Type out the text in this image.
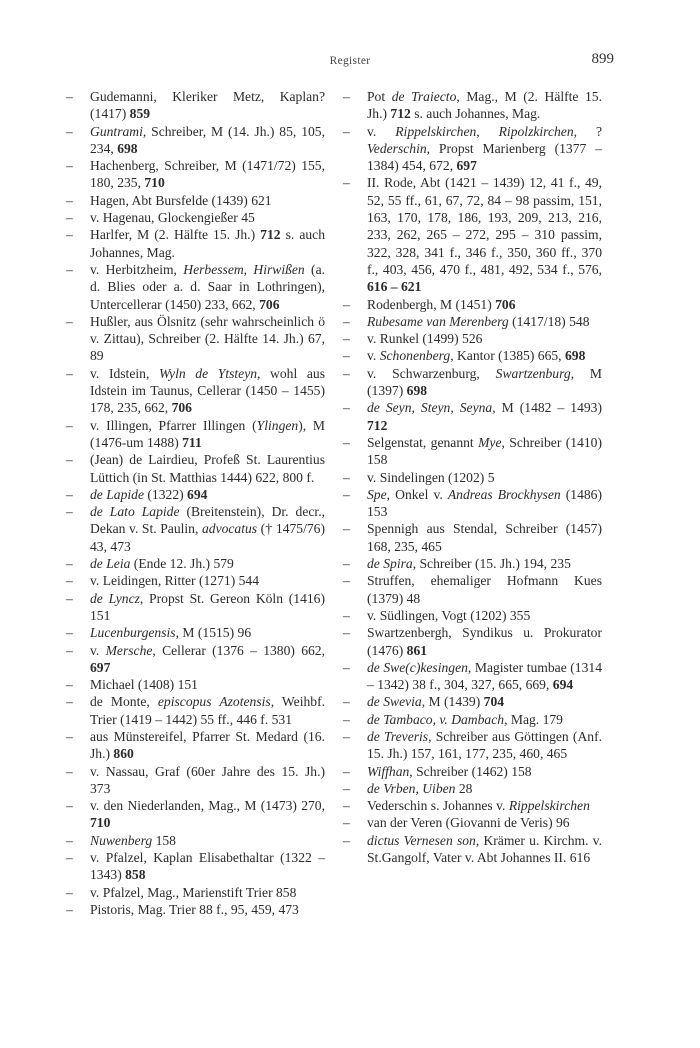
Register	899

– Gudemanni, Kleriker Metz, Kaplan? (1417) 859

– Guntrami, Schreiber, M (14. Jh.) 85, 105, 234, 698

– Hachenberg, Schreiber, M (1471/72) 155, 180, 235, 710

– Hagen, Abt Bursfelde (1439) 621

– v. Hagenau, Glockengießer 45

– Harlfer, M (2. Hälfte 15. Jh.) 712 s. auch Johannes, Mag.

– v. Herbitzheim, Herbessem, Hirwißen (a. d. Blies oder a. d. Saar in Lothringen), Untercellerar (1450) 233, 662, 706

– Hußler, aus Ölsnitz (sehr wahrscheinlich ö v. Zittau), Schreiber (2. Hälfte 14. Jh.) 67, 89

– v. Idstein, Wyln de Ytsteyn, wohl aus Idstein im Taunus, Cellerar (1450 – 1455) 178, 235, 662, 706

– v. Illingen, Pfarrer Illingen (Ylingen), M (1476-um 1488) 711

– (Jean) de Lairdieu, Profeß St. Laurentius Lüttich (in St. Matthias 1444) 622, 800 f.

– de Lapide (1322) 694

– de Lato Lapide (Breitenstein), Dr. decr., Dekan v. St. Paulin, advocatus († 1475/76) 43, 473

– de Leia (Ende 12. Jh.) 579

– v. Leidingen, Ritter (1271) 544

– de Lyncz, Propst St. Gereon Köln (1416) 151

– Lucenburgensis, M (1515) 96

– v. Mersche, Cellerar (1376 – 1380) 662, 697

– Michael (1408) 151

– de Monte, episcopus Azotensis, Weihbf. Trier (1419 – 1442) 55 ff., 446 f. 531

– aus Münstereifel, Pfarrer St. Medard (16. Jh.) 860

– v. Nassau, Graf (60er Jahre des 15. Jh.) 373

– v. den Niederlanden, Mag., M (1473) 270, 710

– Nuwenberg 158

– v. Pfalzel, Kaplan Elisabethaltar (1322 – 1343) 858

– v. Pfalzel, Mag., Marienstift Trier 858

– Pistoris, Mag. Trier 88 f., 95, 459, 473

– Pot de Traiecto, Mag., M (2. Hälfte 15. Jh.) 712 s. auch Johannes, Mag.

– v. Rippelskirchen, Ripolzkirchen, ? Vederschin, Propst Marienberg (1377 – 1384) 454, 672, 697

– II. Rode, Abt (1421 – 1439) 12, 41 f., 49, 52, 55 ff., 61, 67, 72, 84 – 98 passim, 151, 163, 170, 178, 186, 193, 209, 213, 216, 233, 262, 265 – 272, 295 – 310 passim, 322, 328, 341 f., 346 f., 350, 360 ff., 370 f., 403, 456, 470 f., 481, 492, 534 f., 576, 616 – 621

– Rodenbergh, M (1451) 706

– Rubesame van Merenberg (1417/18) 548

– v. Runkel (1499) 526

– v. Schonenberg, Kantor (1385) 665, 698

– v. Schwarzenburg, Swartzenburg, M (1397) 698

– de Seyn, Steyn, Seyna, M (1482 – 1493) 712

– Selgenstat, genannt Mye, Schreiber (1410) 158

– v. Sindelingen (1202) 5

– Spe, Onkel v. Andreas Brockhysen (1486) 153

– Spennigh aus Stendal, Schreiber (1457) 168, 235, 465

– de Spira, Schreiber (15. Jh.) 194, 235

– Struffen, ehemaliger Hofmann Kues (1379) 48

– v. Südlingen, Vogt (1202) 355

– Swartzenbergh, Syndikus u. Prokurator (1476) 861

– de Swe(c)kesingen, Magister tumbae (1314 – 1342) 38 f., 304, 327, 665, 669, 694

– de Swevia, M (1439) 704

– de Tambaco, v. Dambach, Mag. 179

– de Treveris, Schreiber aus Göttingen (Anf. 15. Jh.) 157, 161, 177, 235, 460, 465

– Wiffhan, Schreiber (1462) 158

– de Vrben, Uiben 28

– Vederschin s. Johannes v. Rippelskirchen

– van der Veren (Giovanni de Veris) 96

– dictus Vernesen son, Krämer u. Kirchm. v. St.Gangolf, Vater v. Abt Johannes II. 616
